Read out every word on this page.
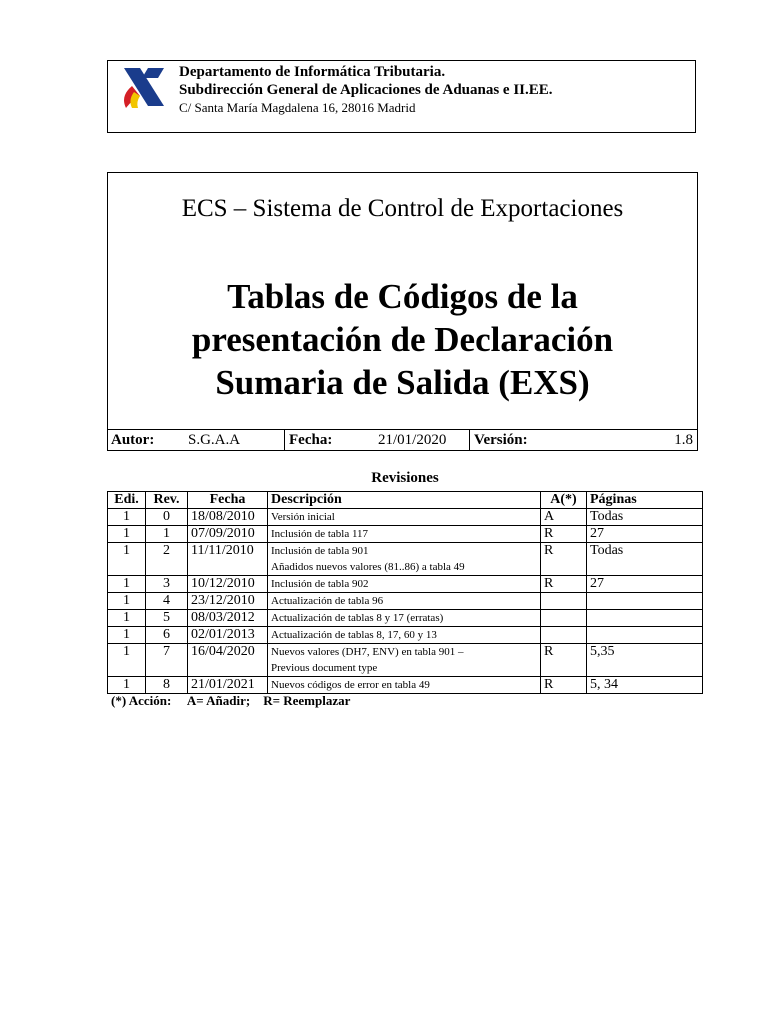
Departamento de Informática Tributaria.
Subdirección General de Aplicaciones de Aduanas e II.EE.
C/ Santa María Magdalena 16, 28016 Madrid
ECS – Sistema de Control de Exportaciones
Tablas de Códigos de la
presentación de Declaración
Sumaria de Salida (EXS)
Autor: S.G.A.A	Fecha:	21/01/2020 Versión:	1.8
Revisiones
Edi.	Rev.	Fecha	Descripción	A(*)	Páginas

1	0	18/08/2010	Versión inicial	A	Todas

1	1	07/09/2010	Inclusión de tabla 117	R	27

1	2	11/11/2010	Inclusión de tabla 901
Añadidos nuevos valores (81..86) a tabla 49	R	Todas

1	3	10/12/2010	Inclusión de tabla 902	R	27

1	4	23/12/2010	Actualización de tabla 96		

1	5	08/03/2012	Actualización de tablas 8 y 17 (erratas)		

1	6	02/01/2013	Actualización de tablas 8, 17, 60 y 13		

1	7	16/04/2020	Nuevos valores (DH7, ENV) en tabla 901 –
Previous document type	R	5,35

1	8	21/01/2021	Nuevos códigos de error en tabla 49	R	5, 34
(*) Acción:     A= Añadir;    R= Reemplazar
